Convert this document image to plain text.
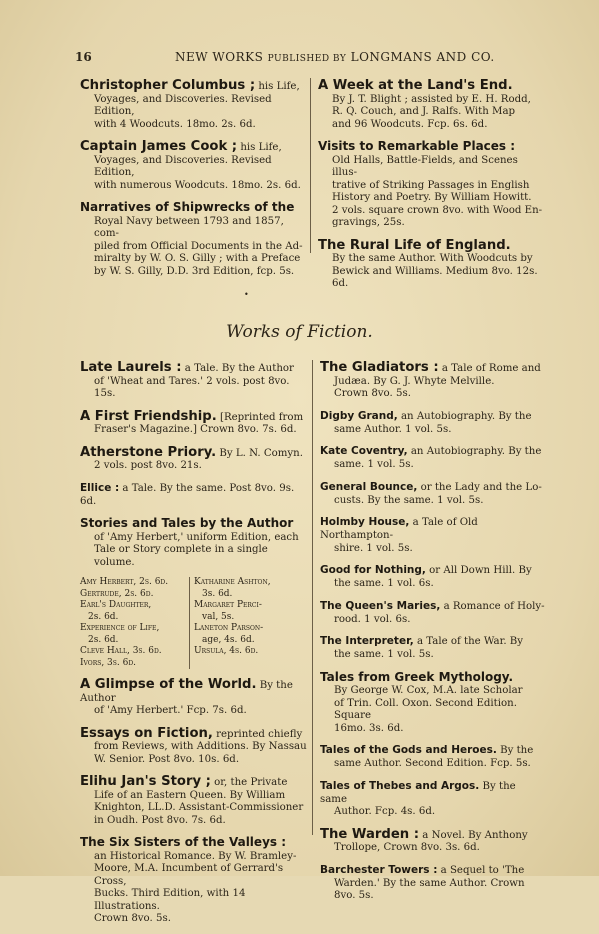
16	NEW WORKS PUBLISHED BY LONGMANS AND CO.
Christopher Columbus ; his Life,
Voyages, and Discoveries. Revised Edition,
with 4 Woodcuts. 18mo. 2s. 6d.
Captain James Cook ; his Life,
Voyages, and Discoveries. Revised Edition,
with numerous Woodcuts. 18mo. 2s. 6d.
Narratives of Shipwrecks of the
Royal Navy between 1793 and 1857, com-
piled from Official Documents in the Ad-
miralty by W. O. S. Gilly ; with a Preface
by W. S. Gilly, D.D. 3rd Edition, fcp. 5s.
A Week at the Land's End.
By J. T. Blight ; assisted by E. H. Rodd,
R. Q. Couch, and J. Ralfs. With Map
and 96 Woodcuts. Fcp. 6s. 6d.
Visits to Remarkable Places :
Old Halls, Battle-Fields, and Scenes illus-
trative of Striking Passages in English
History and Poetry. By William Howitt.
2 vols. square crown 8vo. with Wood En-
gravings, 25s.
The Rural Life of England.
By the same Author. With Woodcuts by
Bewick and Williams. Medium 8vo. 12s. 6d.
•
Works of Fiction.
Late Laurels : a Tale. By the Author
of 'Wheat and Tares.' 2 vols. post 8vo. 15s.
A First Friendship. [Reprinted from
Fraser's Magazine.] Crown 8vo. 7s. 6d.
Atherstone Priory. By L. N. Comyn.
2 vols. post 8vo. 21s.
Ellice : a Tale. By the same. Post 8vo. 9s. 6d.
Stories and Tales by the Author
of 'Amy Herbert,' uniform Edition, each
Tale or Story complete in a single volume.
Amy Herbert, 2s. 6d.
Gertrude, 2s. 6d.
Earl's Daughter,
2s. 6d.
Experience of Life,
2s. 6d.
Cleve Hall, 3s. 6d.
Ivors, 3s. 6d.

Katharine Ashton,
3s. 6d.
Margaret Perci-
val, 5s.
Laneton Parson-
age, 4s. 6d.
Ursula, 4s. 6d.
A Glimpse of the World. By the Author
of 'Amy Herbert.' Fcp. 7s. 6d.
Essays on Fiction, reprinted chiefly
from Reviews, with Additions. By Nassau
W. Senior. Post 8vo. 10s. 6d.
Elihu Jan's Story ; or, the Private
Life of an Eastern Queen. By William
Knighton, LL.D. Assistant-Commissioner
in Oudh. Post 8vo. 7s. 6d.
The Six Sisters of the Valleys :
an Historical Romance. By W. Bramley-
Moore, M.A. Incumbent of Gerrard's Cross,
Bucks. Third Edition, with 14 Illustrations.
Crown 8vo. 5s.
The Gladiators : a Tale of Rome and
Judæa. By G. J. Whyte Melville.
Crown 8vo. 5s.
Digby Grand, an Autobiography. By the
same Author. 1 vol. 5s.
Kate Coventry, an Autobiography. By the
same. 1 vol. 5s.
General Bounce, or the Lady and the Lo-
custs. By the same. 1 vol. 5s.
Holmby House, a Tale of Old Northampton-
shire. 1 vol. 5s.
Good for Nothing, or All Down Hill. By
the same. 1 vol. 6s.
The Queen's Maries, a Romance of Holy-
rood. 1 vol. 6s.
The Interpreter, a Tale of the War. By
the same. 1 vol. 5s.
Tales from Greek Mythology.
By George W. Cox, M.A. late Scholar
of Trin. Coll. Oxon. Second Edition. Square
16mo. 3s. 6d.
Tales of the Gods and Heroes. By the
same Author. Second Edition. Fcp. 5s.
Tales of Thebes and Argos. By the same
Author. Fcp. 4s. 6d.
The Warden : a Novel. By Anthony
Trollope, Crown 8vo. 3s. 6d.
Barchester Towers : a Sequel to 'The
Warden.' By the same Author. Crown
8vo. 5s.
